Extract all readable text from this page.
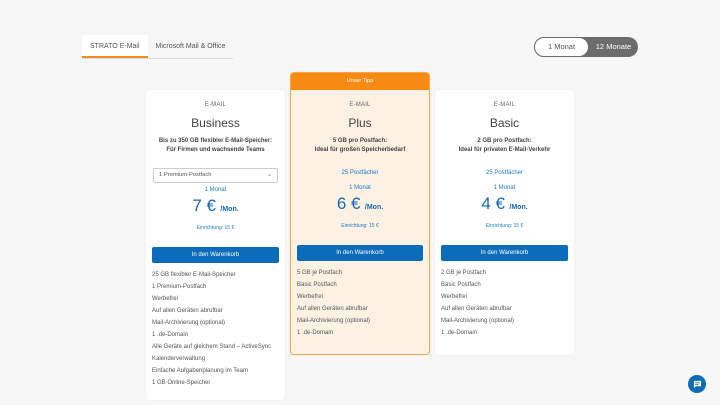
STRATO E-Mail	Microsoft Mail & Office	1 Monat	12 Monate
E-MAIL
Business
Bis zu 350 GB flexibler E-Mail-Speicher:
Für Firmen und wachsende Teams
1 Premium-Postfach	⌄
1 Monat
7 € /Mon.
Einrichtung: 15 €
In den Warenkorb
25 GB flexibler E-Mail-Speicher
1 Premium-Postfach
Werbefrei
Auf allen Geräten abrufbar
Mail-Archivierung (optional)
1 .de-Domain
Alle Geräte auf gleichem Stand – ActiveSync
Kalenderverwaltung
Einfache Aufgabenplanung im Team
1 GB Online-Speicher
Unser Tipp
E-MAIL
Plus
5 GB pro Postfach:
Ideal für großen Speicherbedarf
25 Postfächer
1 Monat
6 € /Mon.
Einrichtung: 15 €
In den Warenkorb
5 GB je Postfach
Basic Postfach
Werbefrei
Auf allen Geräten abrufbar
Mail-Archivierung (optional)
1 .de-Domain
E-MAIL
Basic
2 GB pro Postfach:
Ideal für privaten E-Mail-Verkehr
25 Postfächer
1 Monat
4 € /Mon.
Einrichtung: 15 €
In den Warenkorb
2 GB je Postfach
Basic Postfach
Werbefrei
Auf allen Geräten abrufbar
Mail-Archivierung (optional)
1 .de-Domain
